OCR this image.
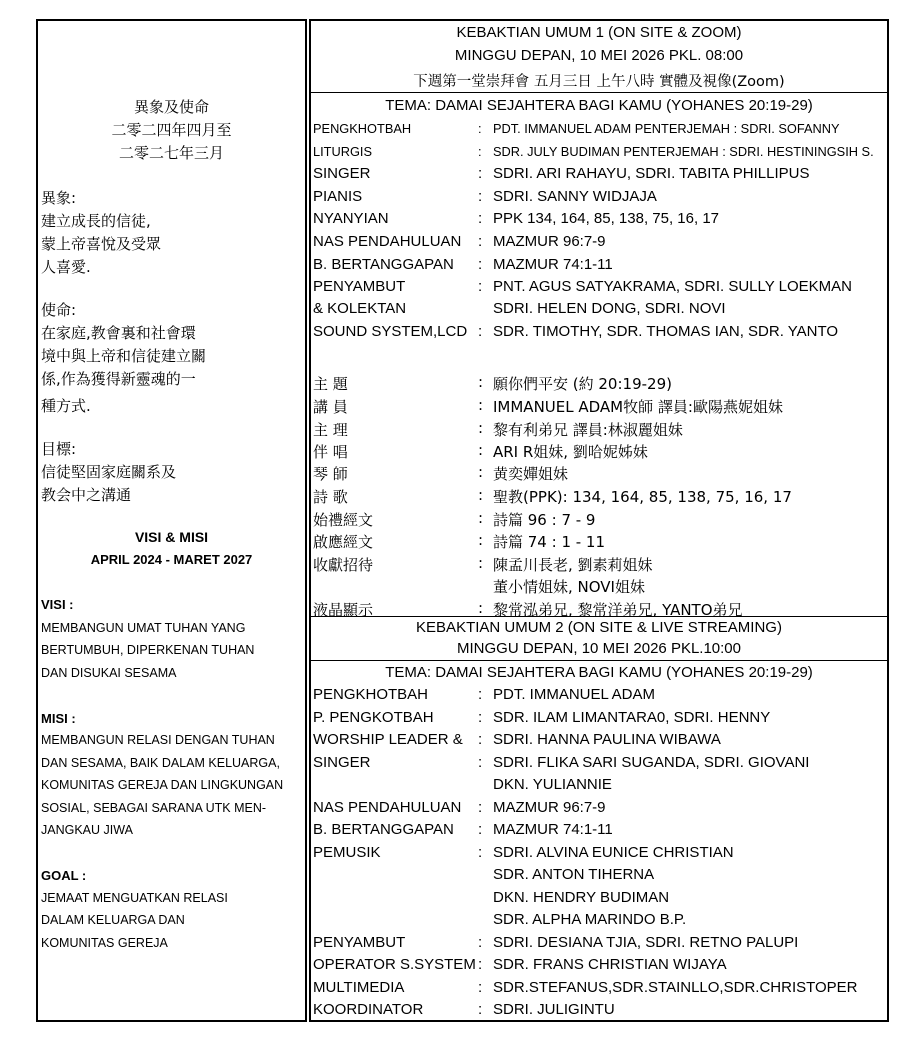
異象及使命
二零二四年四月至
二零二七年三月
異象:
建立成長的信徒,
蒙上帝喜悅及受眾
人喜愛.
使命:
在家庭,教會裏和社會環
境中與上帝和信徒建立關
係,作為獲得新靈魂的一
種方式.
目標:
信徒堅固家庭關系及
教会中之溝通
VISI & MISI
APRIL 2024 - MARET 2027
VISI :
MEMBANGUN UMAT TUHAN YANG
BERTUMBUH, DIPERKENAN TUHAN
DAN DISUKAI SESAMA
MISI :
MEMBANGUN RELASI DENGAN TUHAN
DAN SESAMA, BAIK DALAM KELUARGA,
KOMUNITAS GEREJA DAN LINGKUNGAN
SOSIAL, SEBAGAI SARANA UTK MEN-
JANGKAU JIWA
GOAL :
JEMAAT MENGUATKAN RELASI
DALAM KELUARGA DAN
KOMUNITAS GEREJA
KEBAKTIAN UMUM 1 (ON SITE & ZOOM)
MINGGU DEPAN, 10 MEI 2026 PKL. 08:00
下週第一堂崇拜會 五月三日 上午八時 實體及視像(Zoom)
TEMA: DAMAI SEJAHTERA BAGI KAMU (YOHANES 20:19-29)
PENGKHOTBAH	: PDT. IMMANUEL ADAM PENTERJEMAH : SDRI. SOFANNY
LITURGIS	: SDR. JULY BUDIMAN PENTERJEMAH : SDRI. HESTININGSIH S.
SINGER	: SDRI. ARI RAHAYU, SDRI. TABITA PHILLIPUS
PIANIS	: SDRI. SANNY WIDJAJA
NYANYIAN	: PPK 134, 164, 85, 138, 75, 16, 17
NAS PENDAHULUAN : MAZMUR 96:7-9
B. BERTANGGAPAN : MAZMUR 74:1-11
PENYAMBUT	: PNT. AGUS SATYAKRAMA, SDRI. SULLY LOEKMAN
& KOLEKTAN	SDRI. HELEN DONG, SDRI. NOVI
SOUND SYSTEM,LCD : SDR. TIMOTHY, SDR. THOMAS IAN, SDR. YANTO
主 題	: 願你們平安 (約 20:19-29)
講 員	: IMMANUEL ADAM牧師 譯員:歐陽燕妮姐妹
主 理	: 黎有利弟兄 譯員:林淑麗姐妹
伴 唱	: ARI R姐妹, 劉哈妮姊妹
琴 師	: 黄奕嬋姐妹
詩 歌	: 聖教(PPK): 134, 164, 85, 138, 75, 16, 17
始禮經文	: 詩篇 96 : 7 - 9
啟應經文	: 詩篇 74 : 1 - 11
收獻招待	: 陳孟川長老, 劉素莉姐妹
董小情姐妹, NOVI姐妹
液晶顯示	: 黎常泓弟兄, 黎常洋弟兄, YANTO弟兄
KEBAKTIAN UMUM 2 (ON SITE & LIVE STREAMING)
MINGGU DEPAN, 10 MEI 2026 PKL.10:00
TEMA: DAMAI SEJAHTERA BAGI KAMU (YOHANES 20:19-29)
PENGKHOTBAH	: PDT. IMMANUEL ADAM
P. PENGKOTBAH	: SDR. ILAM LIMANTARA0, SDRI. HENNY
WORSHIP LEADER & : SDRI. HANNA PAULINA WIBAWA
SINGER	: SDRI. FLIKA SARI SUGANDA, SDRI. GIOVANI
DKN. YULIANNIE
NAS PENDAHULUAN : MAZMUR 96:7-9
B. BERTANGGAPAN : MAZMUR 74:1-11
PEMUSIK	: SDRI. ALVINA EUNICE CHRISTIAN
SDR. ANTON TIHERNA
DKN. HENDRY BUDIMAN
SDR. ALPHA MARINDO B.P.
PENYAMBUT	: SDRI. DESIANA TJIA, SDRI. RETNO PALUPI
OPERATOR S.SYSTEM : SDR. FRANS CHRISTIAN WIJAYA
MULTIMEDIA	: SDR.STEFANUS,SDR.STAINLLO,SDR.CHRISTOPER
KOORDINATOR	: SDRI. JULIGINTU
